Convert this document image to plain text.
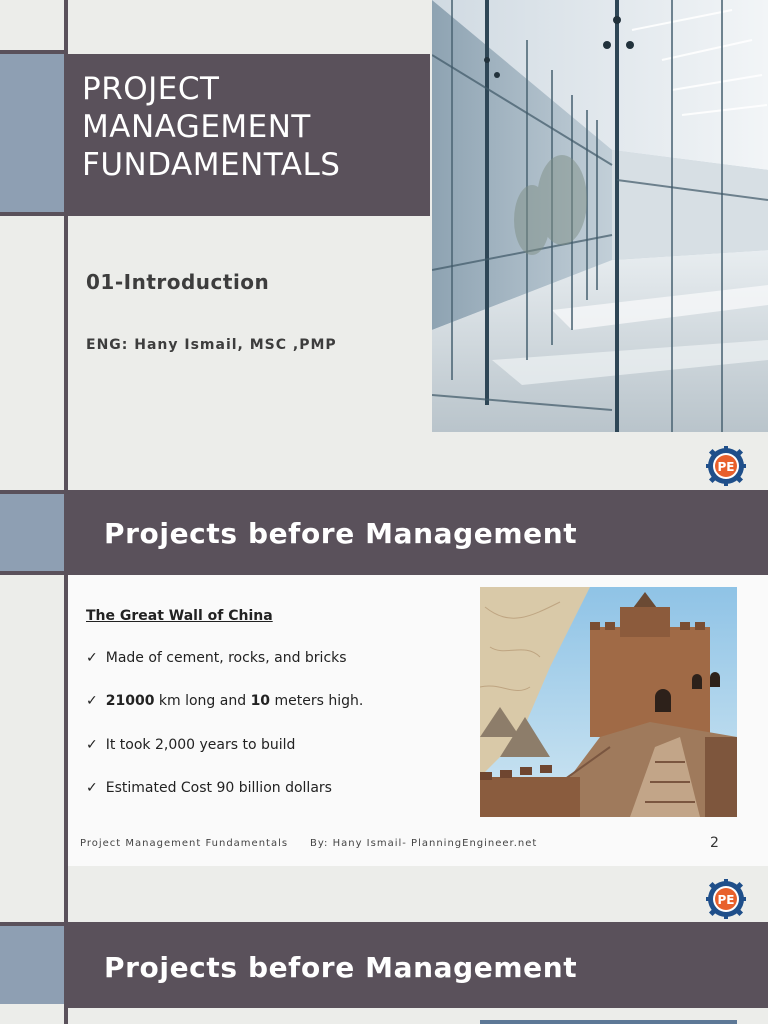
PROJECT
MANAGEMENT
FUNDAMENTALS
01-Introduction
ENG: Hany Ismail, MSC ,PMP
PE
Projects before Management
The Great Wall of China
✓ Made of cement, rocks, and bricks
✓ 21000 km long and 10 meters high.
✓ It took 2,000 years to build
✓ Estimated Cost 90 billion dollars
Project Management Fundamentals By: Hany Ismail- PlanningEngineer.net	2
PE
Projects before Management
